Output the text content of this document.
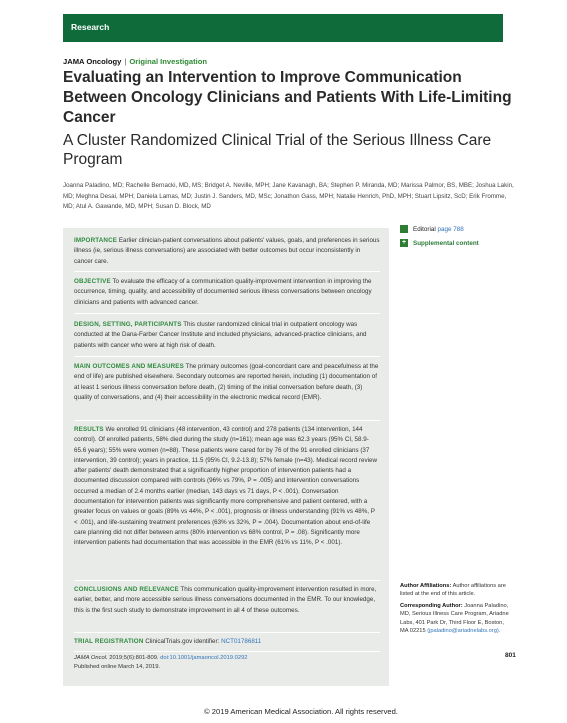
Research
JAMA Oncology | Original Investigation
Evaluating an Intervention to Improve Communication Between Oncology Clinicians and Patients With Life-Limiting Cancer
A Cluster Randomized Clinical Trial of the Serious Illness Care Program
Joanna Paladino, MD; Rachelle Bernacki, MD, MS; Bridget A. Neville, MPH; Jane Kavanagh, BA; Stephen P. Miranda, MD; Marissa Palmor, BS, MBE; Joshua Lakin, MD; Meghna Desai, MPH; Daniela Lamas, MD; Justin J. Sanders, MD, MSc; Jonathon Gass, MPH; Natalie Henrich, PhD, MPH; Stuart Lipsitz, ScD; Erik Fromme, MD; Atul A. Gawande, MD, MPH; Susan D. Block, MD
Editorial page 788
+	Supplemental content
IMPORTANCE Earlier clinician-patient conversations about patients' values, goals, and preferences in serious illness (ie, serious illness conversations) are associated with better outcomes but occur inconsistently in cancer care.
OBJECTIVE To evaluate the efficacy of a communication quality-improvement intervention in improving the occurrence, timing, quality, and accessibility of documented serious illness conversations between oncology clinicians and patients with advanced cancer.
DESIGN, SETTING, PARTICIPANTS This cluster randomized clinical trial in outpatient oncology was conducted at the Dana-Farber Cancer Institute and included physicians, advanced-practice clinicians, and patients with cancer who were at high risk of death.
MAIN OUTCOMES AND MEASURES The primary outcomes (goal-concordant care and peacefulness at the end of life) are published elsewhere. Secondary outcomes are reported herein, including (1) documentation of at least 1 serious illness conversation before death, (2) timing of the initial conversation before death, (3) quality of conversations, and (4) their accessibility in the electronic medical record (EMR).
RESULTS We enrolled 91 clinicians (48 intervention, 43 control) and 278 patients (134 intervention, 144 control). Of enrolled patients, 58% died during the study (n=161); mean age was 62.3 years (95% CI, 58.9-65.6 years); 55% were women (n=88). These patients were cared for by 76 of the 91 enrolled clinicians (37 intervention, 39 control); years in practice, 11.5 (95% CI, 9.2-13.8); 57% female (n=43). Medical record review after patients' death demonstrated that a significantly higher proportion of intervention patients had a documented discussion compared with controls (96% vs 79%, P = .005) and intervention conversations occurred a median of 2.4 months earlier (median, 143 days vs 71 days, P < .001). Conversation documentation for intervention patients was significantly more comprehensive and patient centered, with a greater focus on values or goals (89% vs 44%, P < .001), prognosis or illness understanding (91% vs 48%, P < .001), and life-sustaining treatment preferences (63% vs 32%, P = .004). Documentation about end-of-life care planning did not differ between arms (80% intervention vs 68% control, P = .08). Significantly more intervention patients had documentation that was accessible in the EMR (61% vs 11%, P < .001).
CONCLUSIONS AND RELEVANCE This communication quality-improvement intervention resulted in more, earlier, better, and more accessible serious illness conversations documented in the EMR. To our knowledge, this is the first such study to demonstrate improvement in all 4 of these outcomes.
TRIAL REGISTRATION ClinicalTrials.gov identifier: NCT01786811
JAMA Oncol. 2019;5(6):801-809. doi:10.1001/jamaoncol.2019.0292
Published online March 14, 2019.
Author Affiliations: Author affiliations are listed at the end of this article.
Corresponding Author: Joanna Paladino, MD, Serious Illness Care Program, Ariadne Labs, 401 Park Dr, Third Floor E, Boston, MA 02215 (jpaladino@ariadnelabs.org).
801
© 2019 American Medical Association. All rights reserved.
